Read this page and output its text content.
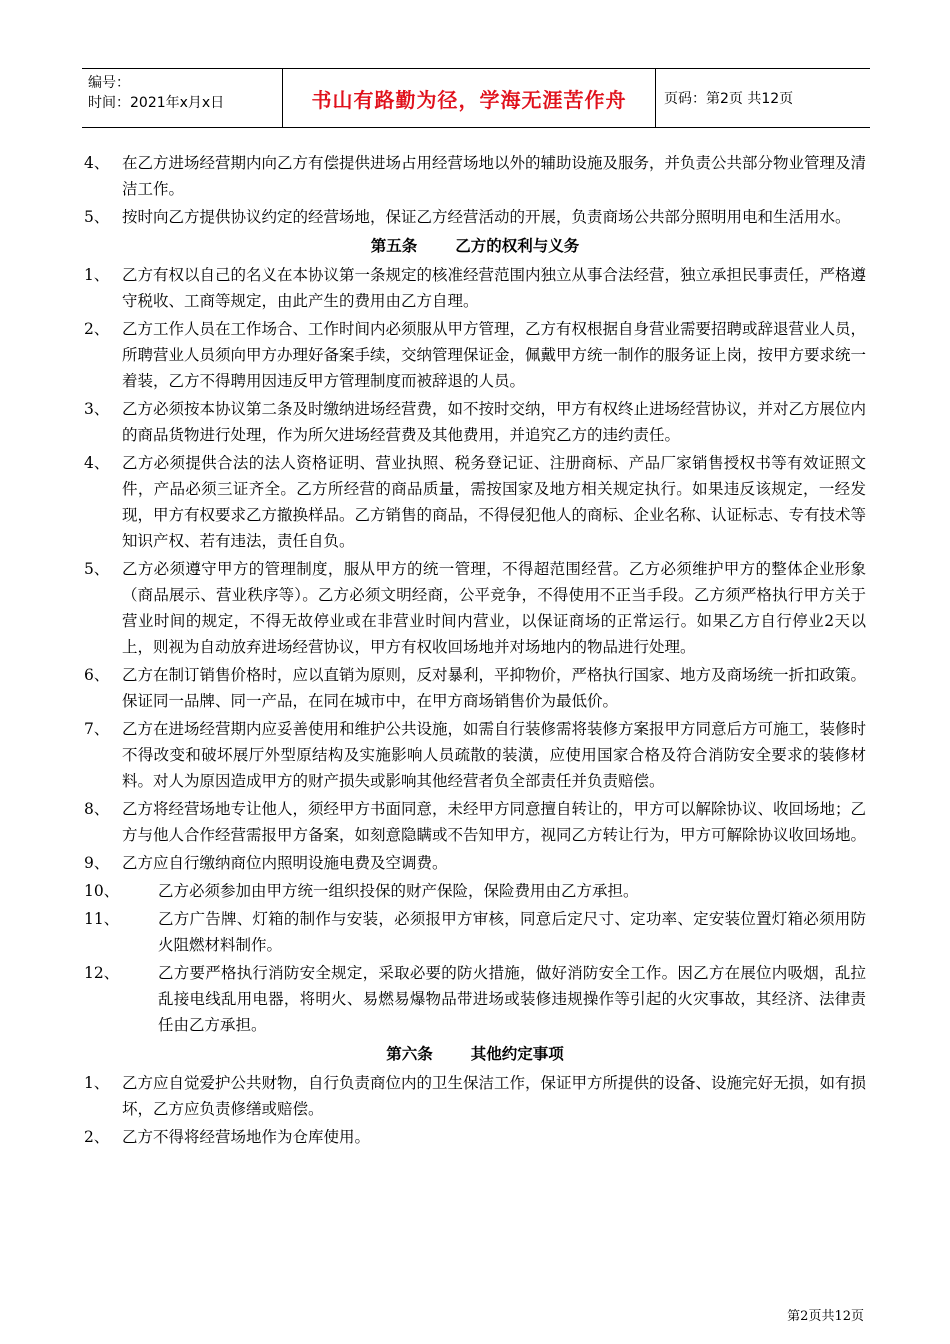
编号：
时间：2021年x月x日	书山有路勤为径，学海无涯苦作舟	页码：第2页 共12页
4、 在乙方进场经营期内向乙方有偿提供进场占用经营场地以外的辅助设施及服务，并负责公共部分物业管理及清洁工作。
5、 按时向乙方提供协议约定的经营场地，保证乙方经营活动的开展，负责商场公共部分照明用电和生活用水。
第五条 乙方的权利与义务
1、 乙方有权以自己的名义在本协议第一条规定的核准经营范围内独立从事合法经营，独立承担民事责任，严格遵守税收、工商等规定，由此产生的费用由乙方自理。
2、 乙方工作人员在工作场合、工作时间内必须服从甲方管理，乙方有权根据自身营业需要招聘或辞退营业人员，所聘营业人员须向甲方办理好备案手续，交纳管理保证金，佩戴甲方统一制作的服务证上岗，按甲方要求统一着装，乙方不得聘用因违反甲方管理制度而被辞退的人员。
3、 乙方必须按本协议第二条及时缴纳进场经营费，如不按时交纳，甲方有权终止进场经营协议，并对乙方展位内的商品货物进行处理，作为所欠进场经营费及其他费用，并追究乙方的违约责任。
4、 乙方必须提供合法的法人资格证明、营业执照、税务登记证、注册商标、产品厂家销售授权书等有效证照文件，产品必须三证齐全。乙方所经营的商品质量，需按国家及地方相关规定执行。如果违反该规定，一经发现，甲方有权要求乙方撤换样品。乙方销售的商品，不得侵犯他人的商标、企业名称、认证标志、专有技术等知识产权、若有违法，责任自负。
5、 乙方必须遵守甲方的管理制度，服从甲方的统一管理，不得超范围经营。乙方必须维护甲方的整体企业形象（商品展示、营业秩序等）。乙方必须文明经商，公平竞争，不得使用不正当手段。乙方须严格执行甲方关于营业时间的规定，不得无故停业或在非营业时间内营业，以保证商场的正常运行。如果乙方自行停业2天以上，则视为自动放弃进场经营协议，甲方有权收回场地并对场地内的物品进行处理。
6、 乙方在制订销售价格时，应以直销为原则，反对暴利，平抑物价，严格执行国家、地方及商场统一折扣政策。保证同一品牌、同一产品，在同在城市中，在甲方商场销售价为最低价。
7、 乙方在进场经营期内应妥善使用和维护公共设施，如需自行装修需将装修方案报甲方同意后方可施工，装修时不得改变和破坏展厅外型原结构及实施影响人员疏散的装潢，应使用国家合格及符合消防安全要求的装修材料。对人为原因造成甲方的财产损失或影响其他经营者负全部责任并负责赔偿。
8、 乙方将经营场地专让他人，须经甲方书面同意，未经甲方同意擅自转让的，甲方可以解除协议、收回场地；乙方与他人合作经营需报甲方备案，如刻意隐瞒或不告知甲方，视同乙方转让行为，甲方可解除协议收回场地。
9、 乙方应自行缴纳商位内照明设施电费及空调费。
10、	乙方必须参加由甲方统一组织投保的财产保险，保险费用由乙方承担。
11、	乙方广告牌、灯箱的制作与安装，必须报甲方审核，同意后定尺寸、定功率、定安装位置灯箱必须用防火阻燃材料制作。
12、	乙方要严格执行消防安全规定，采取必要的防火措施，做好消防安全工作。因乙方在展位内吸烟，乱拉乱接电线乱用电器，将明火、易燃易爆物品带进场或装修违规操作等引起的火灾事故，其经济、法律责任由乙方承担。
第六条 其他约定事项
1、 乙方应自觉爱护公共财物，自行负责商位内的卫生保洁工作，保证甲方所提供的设备、设施完好无损，如有损坏，乙方应负责修缮或赔偿。
2、 乙方不得将经营场地作为仓库使用。
第2页共12页
